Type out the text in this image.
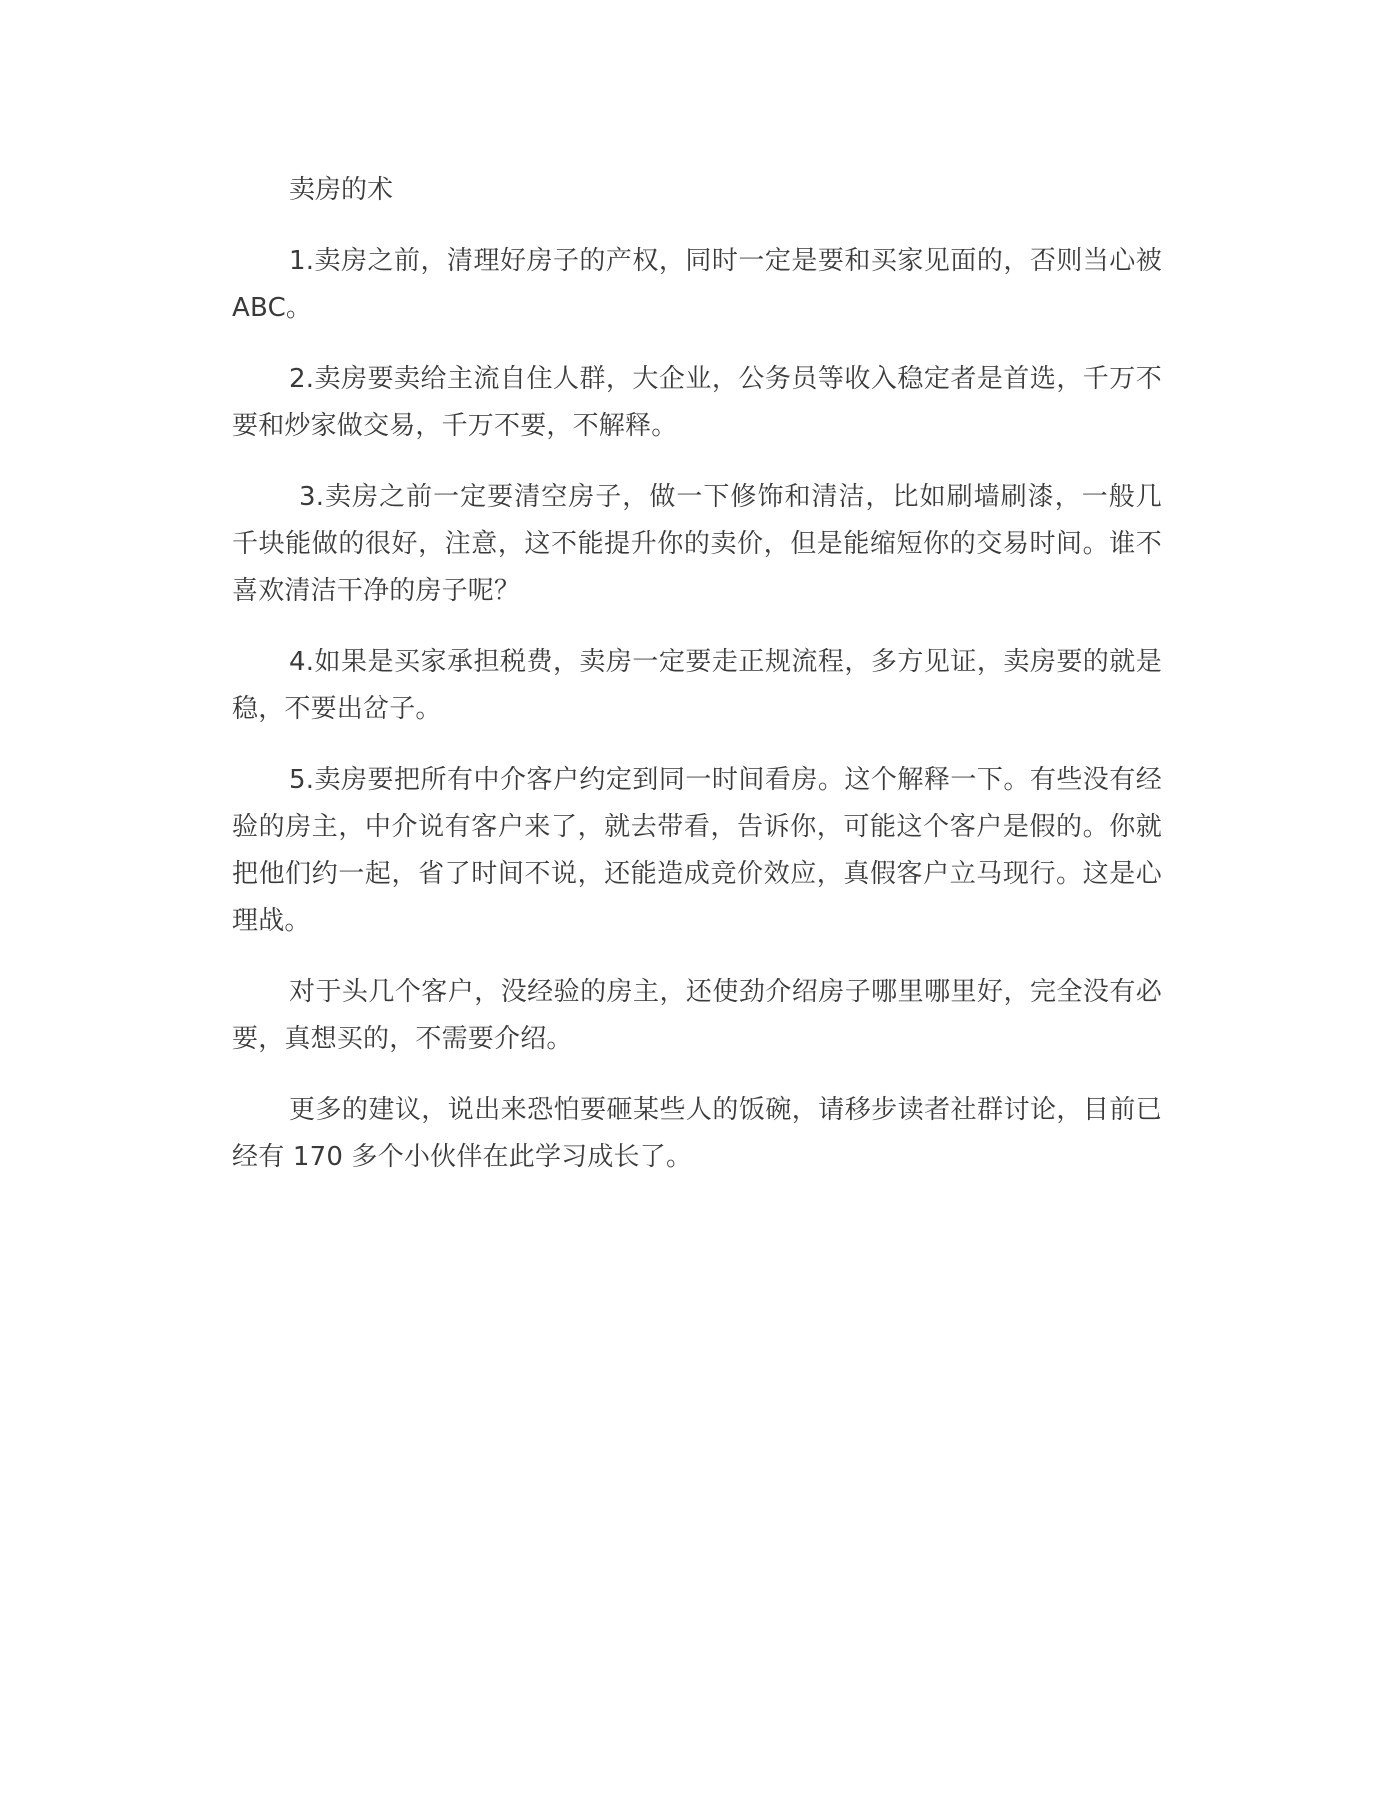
卖房的术

1.卖房之前，清理好房子的产权，同时一定是要和买家见面的，否则当心被 ABC。

2.卖房要卖给主流自住人群，大企业，公务员等收入稳定者是首选，千万不要和炒家做交易，千万不要，不解释。

3.卖房之前一定要清空房子，做一下修饰和清洁，比如刷墙刷漆，一般几千块能做的很好，注意，这不能提升你的卖价，但是能缩短你的交易时间。谁不喜欢清洁干净的房子呢？

4.如果是买家承担税费，卖房一定要走正规流程，多方见证，卖房要的就是稳，不要出岔子。

5.卖房要把所有中介客户约定到同一时间看房。这个解释一下。有些没有经验的房主，中介说有客户来了，就去带看，告诉你，可能这个客户是假的。你就把他们约一起，省了时间不说，还能造成竞价效应，真假客户立马现行。这是心理战。

对于头几个客户，没经验的房主，还使劲介绍房子哪里哪里好，完全没有必要，真想买的，不需要介绍。

更多的建议，说出来恐怕要砸某些人的饭碗，请移步读者社群讨论，目前已经有 170 多个小伙伴在此学习成长了。
